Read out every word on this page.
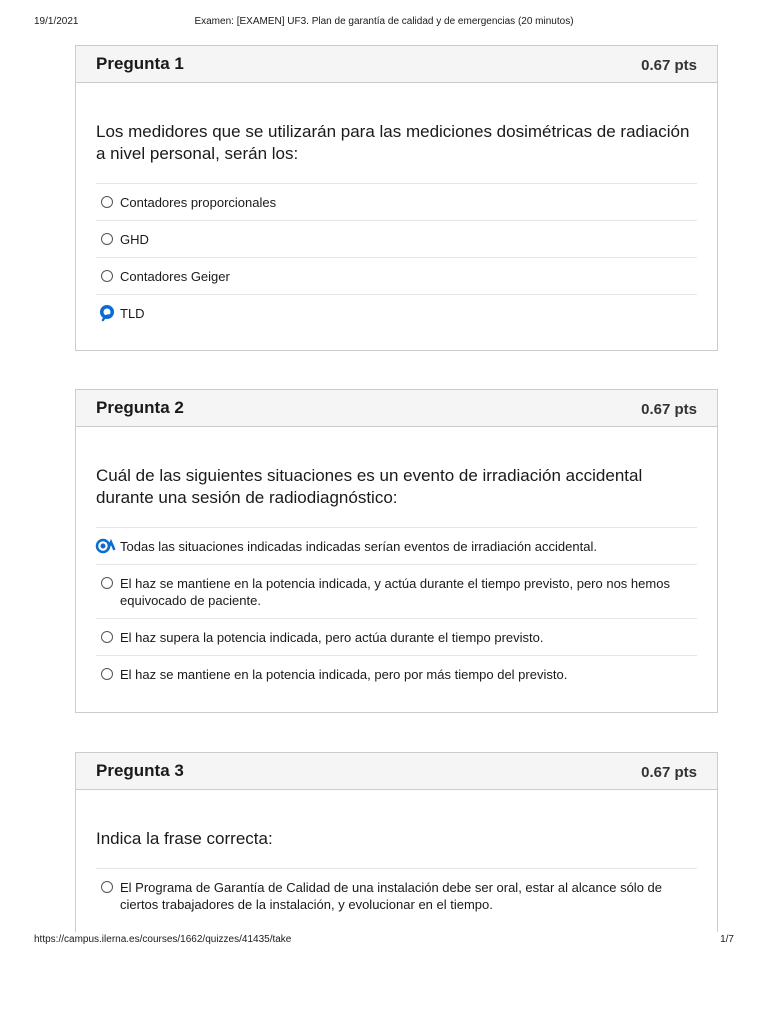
19/1/2021	Examen: [EXAMEN] UF3. Plan de garantía de calidad y de emergencias (20 minutos)
Pregunta 1	0.67 pts
Los medidores que se utilizarán para las mediciones dosimétricas de radiación a nivel personal, serán los:
Contadores proporcionales
GHD
Contadores Geiger
TLD
Pregunta 2	0.67 pts
Cuál de las siguientes situaciones es un evento de irradiación accidental durante una sesión de radiodiagnóstico:
Todas las situaciones indicadas indicadas serían eventos de irradiación accidental.
El haz se mantiene en la potencia indicada, y actúa durante el tiempo previsto, pero nos hemos equivocado de paciente.
El haz supera la potencia indicada, pero actúa durante el tiempo previsto.
El haz se mantiene en la potencia indicada, pero por más tiempo del previsto.
Pregunta 3	0.67 pts
Indica la frase correcta:
El Programa de Garantía de Calidad de una instalación debe ser oral, estar al alcance sólo de ciertos trabajadores de la instalación, y evolucionar en el tiempo.
https://campus.ilerna.es/courses/1662/quizzes/41435/take	1/7
